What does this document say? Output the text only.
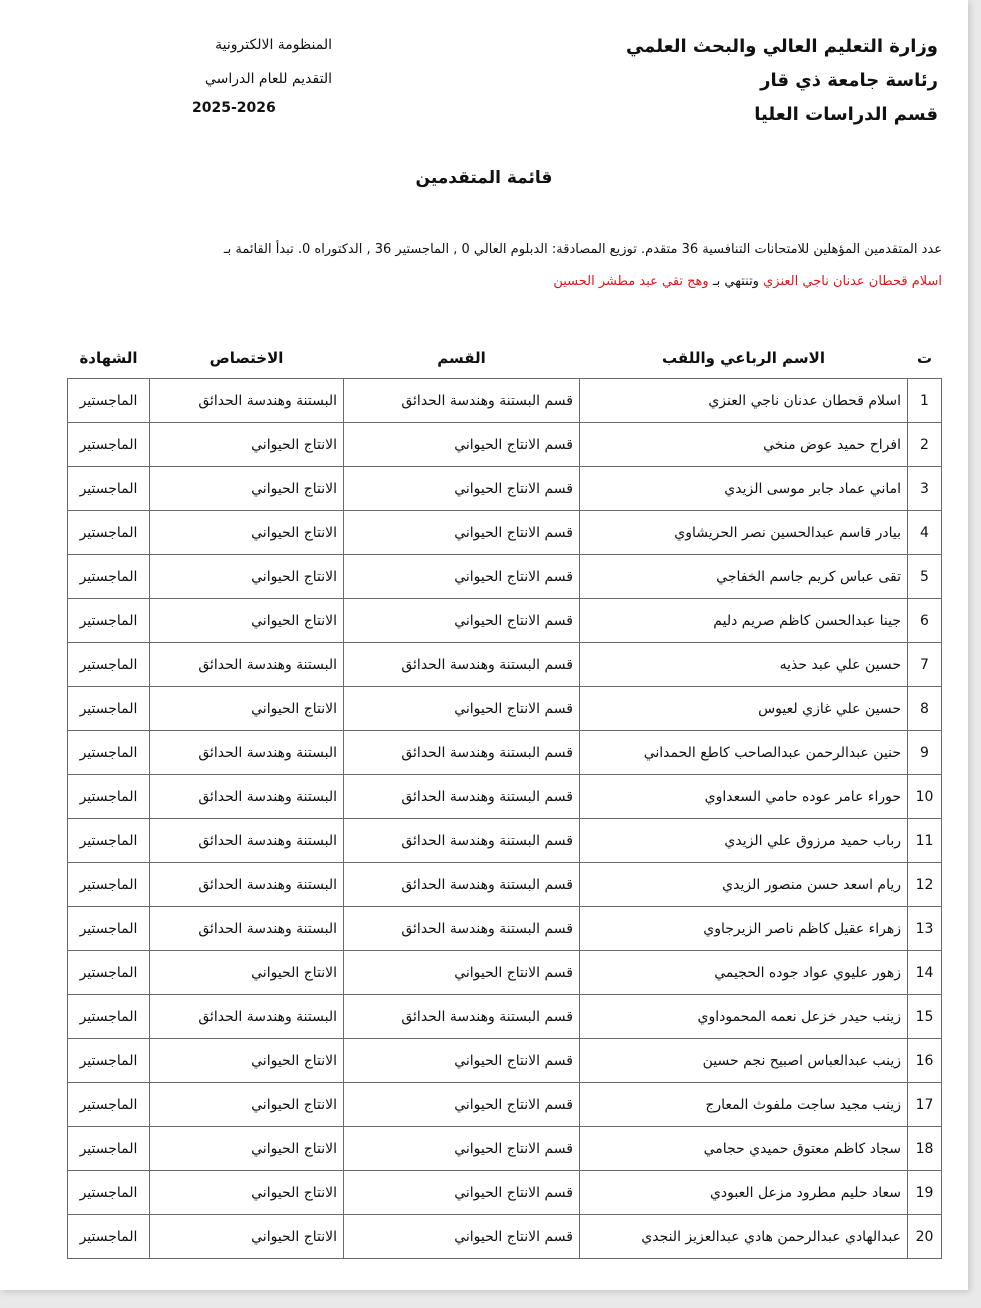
وزارة التعليم العالي والبحث العلمي
رئاسة جامعة ذي قار
قسم الدراسات العليا
المنظومة الالكترونية
التقديم للعام الدراسي
2025-2026
قائمة المتقدمين
عدد المتقدمين المؤهلين للامتحانات التنافسية 36 متقدم. توزيع المصادقة: الدبلوم العالي 0 , الماجستير 36 , الدكتوراه 0. تبدأ القائمة بـ
اسلام قحطان عدنان ناجي العنزي وتنتهي بـ وهج تقي عبد مطشر الحسين
ت	الاسم الرباعي واللقب	القسم	الاختصاص	الشهادة
1	اسلام قحطان عدنان ناجي العنزي	قسم البستنة وهندسة الحدائق	البستنة وهندسة الحدائق	الماجستير
2	افراح حميد عوض منخي	قسم الانتاج الحيواني	الانتاج الحيواني	الماجستير
3	اماني عماد جابر موسى الزيدي	قسم الانتاج الحيواني	الانتاج الحيواني	الماجستير
4	بيادر قاسم عبدالحسين نصر الحريشاوي	قسم الانتاج الحيواني	الانتاج الحيواني	الماجستير
5	تقى عباس كريم جاسم الخفاجي	قسم الانتاج الحيواني	الانتاج الحيواني	الماجستير
6	جينا عبدالحسن كاظم صريم دليم	قسم الانتاج الحيواني	الانتاج الحيواني	الماجستير
7	حسين علي عبد حذيه	قسم البستنة وهندسة الحدائق	البستنة وهندسة الحدائق	الماجستير
8	حسين علي غازي لعيوس	قسم الانتاج الحيواني	الانتاج الحيواني	الماجستير
9	حنين عبدالرحمن عبدالصاحب كاطع الحمداني	قسم البستنة وهندسة الحدائق	البستنة وهندسة الحدائق	الماجستير
10	حوراء عامر عوده حامي السعداوي	قسم البستنة وهندسة الحدائق	البستنة وهندسة الحدائق	الماجستير
11	رباب حميد مرزوق علي الزيدي	قسم البستنة وهندسة الحدائق	البستنة وهندسة الحدائق	الماجستير
12	ريام اسعد حسن منصور الزيدي	قسم البستنة وهندسة الحدائق	البستنة وهندسة الحدائق	الماجستير
13	زهراء عقيل كاظم ناصر الزيرجاوي	قسم البستنة وهندسة الحدائق	البستنة وهندسة الحدائق	الماجستير
14	زهور عليوي عواد جوده الحجيمي	قسم الانتاج الحيواني	الانتاج الحيواني	الماجستير
15	زينب حيدر خزعل نعمه المحموداوي	قسم البستنة وهندسة الحدائق	البستنة وهندسة الحدائق	الماجستير
16	زينب عبدالعباس اصبيح نجم حسين	قسم الانتاج الحيواني	الانتاج الحيواني	الماجستير
17	زينب مجيد ساجت ملفوث المعارج	قسم الانتاج الحيواني	الانتاج الحيواني	الماجستير
18	سجاد كاظم معتوق حميدي حجامي	قسم الانتاج الحيواني	الانتاج الحيواني	الماجستير
19	سعاد حليم مطرود مزعل العبودي	قسم الانتاج الحيواني	الانتاج الحيواني	الماجستير
20	عبدالهادي عبدالرحمن هادي عبدالعزيز النجدي	قسم الانتاج الحيواني	الانتاج الحيواني	الماجستير
